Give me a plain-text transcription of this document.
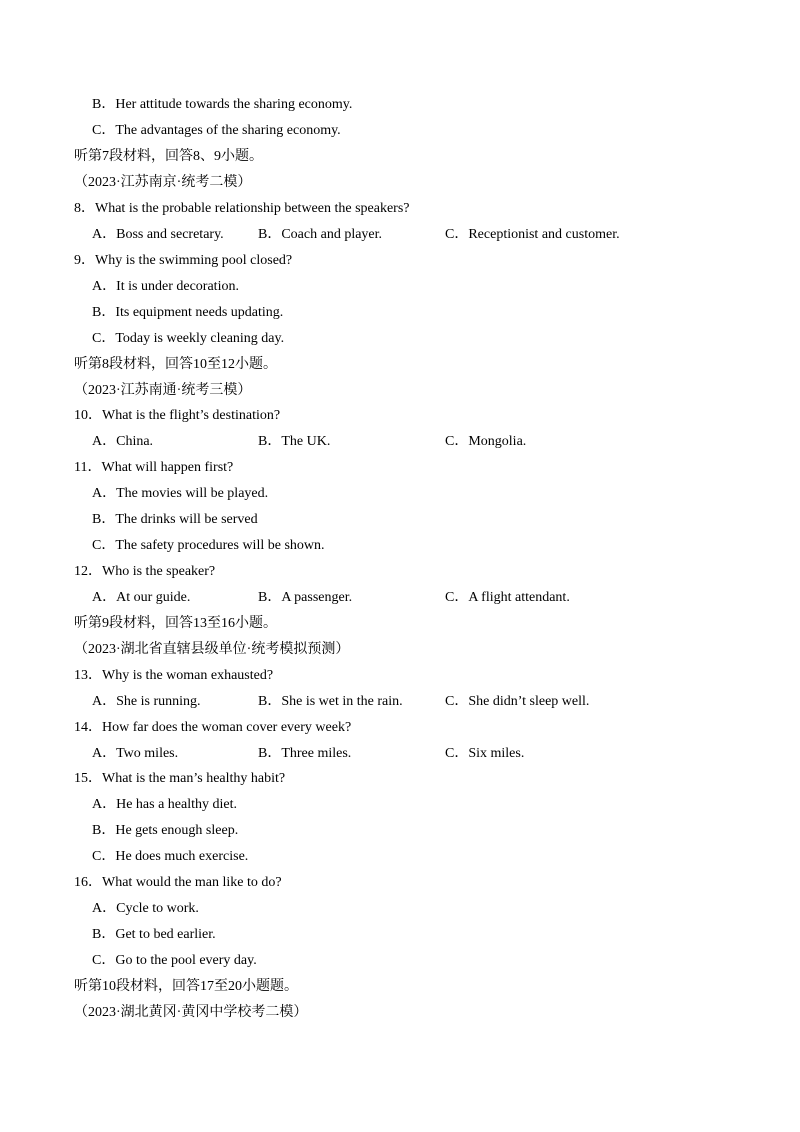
B．Her attitude towards the sharing economy.
C．The advantages of the sharing economy.
听第7段材料，回答8、9小题。
（2023·江苏南京·统考二模）
8．What is the probable relationship between the speakers?
A．Boss and secretary. B．Coach and player.	C．Receptionist and customer.
9．Why is the swimming pool closed?
A．It is under decoration.
B．Its equipment needs updating.
C．Today is weekly cleaning day.
听第8段材料，回答10至12小题。
（2023·江苏南通·统考三模）
10．What is the flight’s destination?
A．China.	B．The UK.	C．Mongolia.
11．What will happen first?
A．The movies will be played.
B．The drinks will be served
C．The safety procedures will be shown.
12．Who is the speaker?
A．At our guide.	B．A passenger.	C．A flight attendant.
听第9段材料，回答13至16小题。
（2023·湖北省直辖县级单位·统考模拟预测）
13．Why is the woman exhausted?
A．She is running.	B．She is wet in the rain.	C．She didn’t sleep well.
14．How far does the woman cover every week?
A．Two miles.	B．Three miles.	C．Six miles.
15．What is the man’s healthy habit?
A．He has a healthy diet.
B．He gets enough sleep.
C．He does much exercise.
16．What would the man like to do?
A．Cycle to work.
B．Get to bed earlier.
C．Go to the pool every day.
听第10段材料，回答17至20小题题。
（2023·湖北黄冈·黄冈中学校考二模）
